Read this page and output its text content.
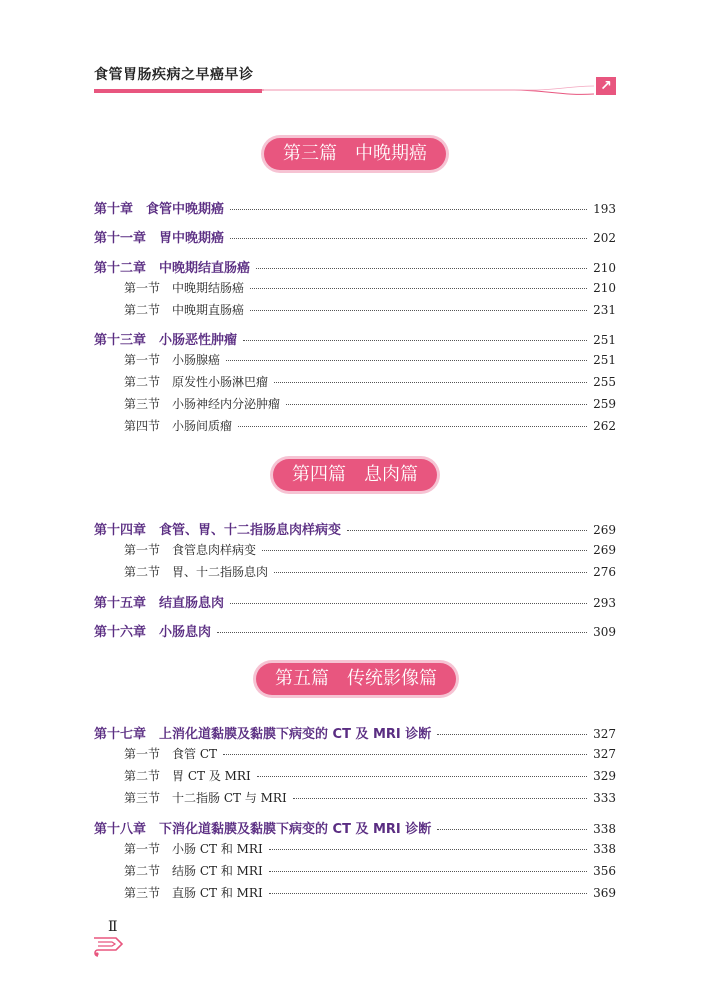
食管胃肠疾病之早癌早诊
↗
第三篇　中晚期癌
第十章　食管中晚期癌	193
第十一章　胃中晚期癌	202
第十二章　中晚期结直肠癌	210
第一节　中晚期结肠癌	210
第二节　中晚期直肠癌	231
第十三章　小肠恶性肿瘤	251
第一节　小肠腺癌	251
第二节　原发性小肠淋巴瘤	255
第三节　小肠神经内分泌肿瘤	259
第四节　小肠间质瘤	262
第四篇　息肉篇
第十四章　食管、胃、十二指肠息肉样病变	269
第一节　食管息肉样病变	269
第二节　胃、十二指肠息肉	276
第十五章　结直肠息肉	293
第十六章　小肠息肉	309
第五篇　传统影像篇
第十七章　上消化道黏膜及黏膜下病变的 CT 及 MRI 诊断	327
第一节　食管 CT	327
第二节　胃 CT 及 MRI	329
第三节　十二指肠 CT 与 MRI	333
第十八章　下消化道黏膜及黏膜下病变的 CT 及 MRI 诊断	338
第一节　小肠 CT 和 MRI	338
第二节　结肠 CT 和 MRI	356
第三节　直肠 CT 和 MRI	369
Ⅱ
